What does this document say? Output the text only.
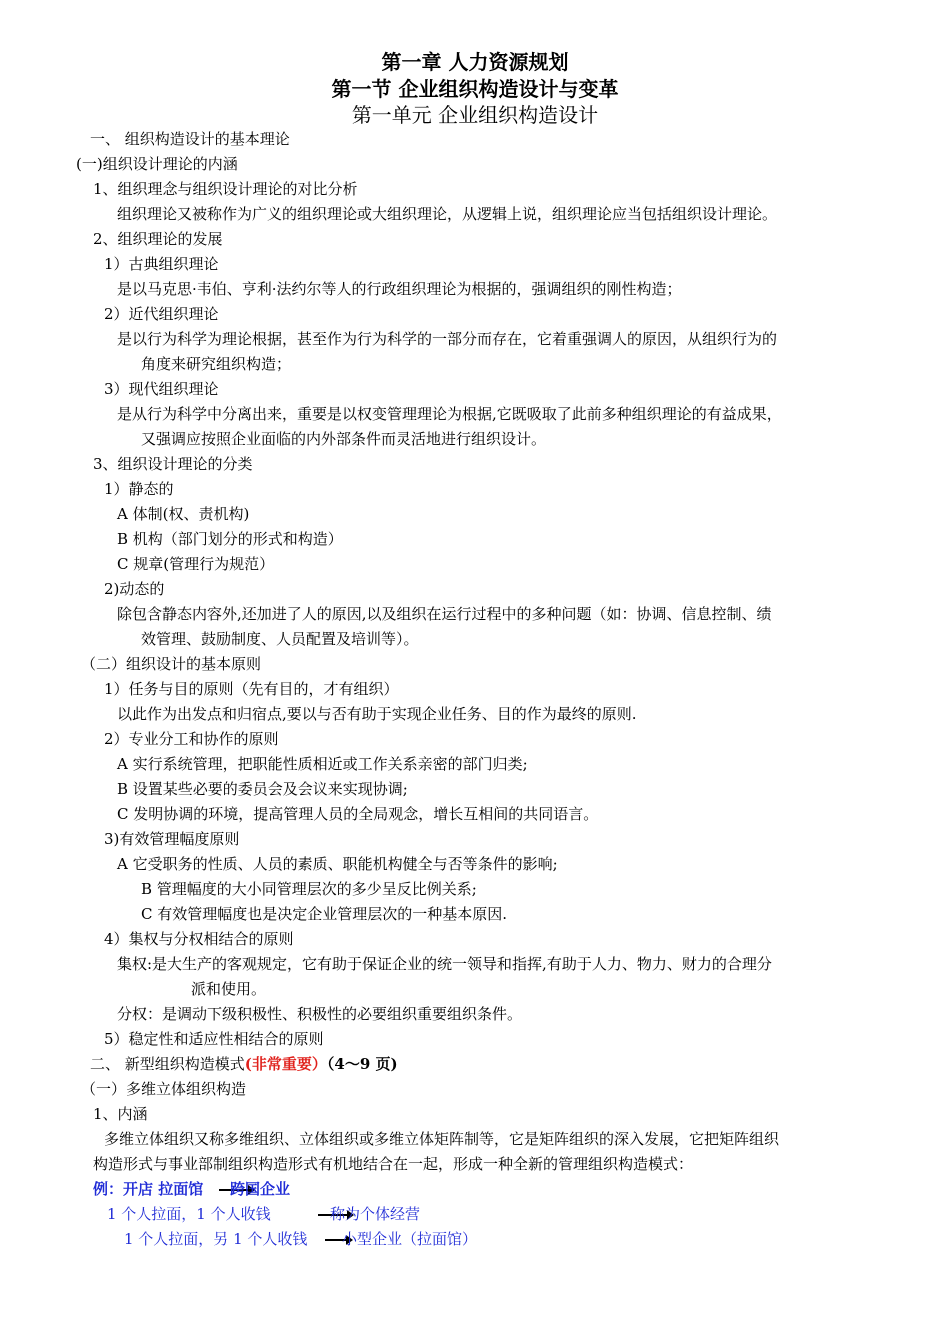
第一章 人力资源规划
第一节 企业组织构造设计与变革
第一单元 企业组织构造设计
一、 组织构造设计的基本理论
(一)组织设计理论的内涵
1、组织理念与组织设计理论的对比分析
组织理论又被称作为广义的组织理论或大组织理论，从逻辑上说，组织理论应当包括组织设计理论。
2、组织理论的发展
1）古典组织理论
是以马克思·韦伯、亨利·法约尔等人的行政组织理论为根据的，强调组织的刚性构造；
2）近代组织理论
是以行为科学为理论根据，甚至作为行为科学的一部分而存在，它着重强调人的原因，从组织行为的
角度来研究组织构造；
3）现代组织理论
是从行为科学中分离出来，重要是以权变管理理论为根据,它既吸取了此前多种组织理论的有益成果，
又强调应按照企业面临的内外部条件而灵活地进行组织设计。
3、组织设计理论的分类
1）静态的
A 体制(权、责机构)
B 机构（部门划分的形式和构造）
C 规章(管理行为规范）
2)动态的
除包含静态内容外,还加进了人的原因,以及组织在运行过程中的多种问题（如：协调、信息控制、绩
效管理、鼓励制度、人员配置及培训等）。
（二）组织设计的基本原则
1）任务与目的原则（先有目的，才有组织）
以此作为出发点和归宿点,要以与否有助于实现企业任务、目的作为最终的原则.
2）专业分工和协作的原则
A 实行系统管理，把职能性质相近或工作关系亲密的部门归类;
B 设置某些必要的委员会及会议来实现协调;
C 发明协调的环境，提高管理人员的全局观念，增长互相间的共同语言。
3)有效管理幅度原则
A 它受职务的性质、人员的素质、职能机构健全与否等条件的影响;
B 管理幅度的大小同管理层次的多少呈反比例关系;
C 有效管理幅度也是决定企业管理层次的一种基本原因.
4）集权与分权相结合的原则
集权:是大生产的客观规定，它有助于保证企业的统一领导和指挥,有助于人力、物力、财力的合理分
派和使用。
分权：是调动下级积极性、积极性的必要组织重要组织条件。
5）稳定性和适应性相结合的原则
二、 新型组织构造模式(非常重要）（4～9 页)
（一）多维立体组织构造
1、内涵
多维立体组织又称多维组织、立体组织或多维立体矩阵制等，它是矩阵组织的深入发展，它把矩阵组织
构造形式与事业部制组织构造形式有机地结合在一起，形成一种全新的管理组织构造模式：
例：开店 拉面馆 跨国企业
1 个人拉面，1 个人收钱	称为个体经营
1 个人拉面，另 1 个人收钱 小型企业（拉面馆）
